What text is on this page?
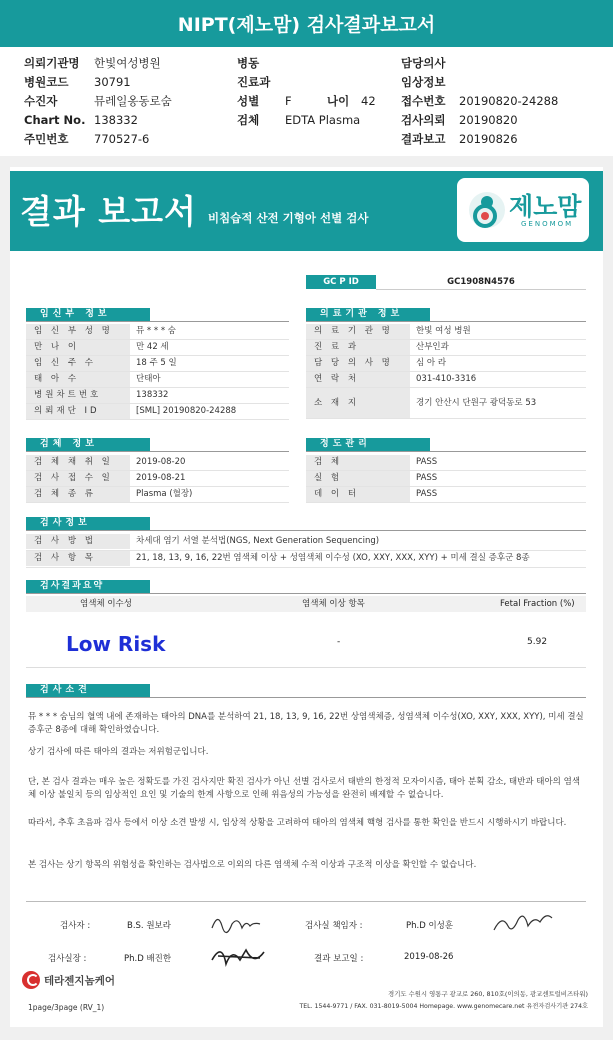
NIPT(제노맘) 검사결과보고서
의뢰기관명 한빛여성병원
병원코드 30791
수진자	뮤레일옹동로숨
Chart No. 138332
주민번호 770527-6
병동
진료과
성별 F	나이 42
검체 EDTA Plasma
담당의사
임상정보
접수번호 20190820-24288
검사의뢰 20190820
결과보고 20190826
결과 보고서 비침습적 산전 기형아 선별 검사	제노맘
GENOMOM
GC P ID	GC1908N4576
임신부 정보
임 신 부 성 명	뮤 * * * 숨
만 나 이	만 42 세
임 신 주 수	18 주 5 일
태 아 수	단태아
병원차트번호	138332
의뢰재단 ID	[SML] 20190820-24288
의료기관 정보
의 료 기 관 명	한빛 여성 병원
진 료 과	산부인과
담 당 의 사 명	심 아 라
연 락 처	031-410-3316
소 재 지	경기 안산시 단원구 광덕동로 53
검체 정보
검 체 채 취 일	2019-08-20
검 사 접 수 일	2019-08-21
검 체 종 류	Plasma (혈장)
정도관리
검 체	PASS
실 험	PASS
데 이 터	PASS
검사정보
검 사 방 법	차세대 염기 서열 분석법(NGS, Next Generation Sequencing)
검 사 항 목	21, 18, 13, 9, 16, 22번 염색체 이상 + 성염색체 이수성 (XO, XXY, XXX, XYY) + 미세 결실 증후군 8종
검사결과요약
염색체 이수성	염색체 이상 항목	Fetal Fraction (%)
Low Risk	-	5.92
검사소견
뮤 * * * 숨님의 혈액 내에 존재하는 태아의 DNA를 분석하여 21, 18, 13, 9, 16, 22번 상염색체증, 성염색체 이수성(XO, XXY, XXX, XYY), 미세 결실 증후군 8종에 대해 확인하였습니다.
상기 검사에 따른 태아의 결과는 저위험군입니다.
단, 본 검사 결과는 매우 높은 정확도를 가진 검사지만 확진 검사가 아닌 선별 검사로서 태반의 한정적 모자이시즘, 태아 분획 감소, 태반과 태아의 염색체 이상 불일치 등의 임상적인 요인 및 기술의 한계 사항으로 인해 위음성의 가능성을 완전히 배제할 수 없습니다.
따라서, 추후 초음파 검사 등에서 이상 소견 발생 시, 임상적 상황을 고려하여 태아의 염색체 핵형 검사를 통한 확인을 반드시 시행하시기 바랍니다.
본 검사는 상기 항목의 위험성을 확인하는 검사법으로 이외의 다른 염색체 수적 이상과 구조적 이상을 확인할 수 없습니다.
검사자 :	B.S. 원보라	검사실 책임자 :	Ph.D 이성훈
검사실장 :	Ph.D 배진한	결과 보고일 :	2019-08-26
테라젠지놈케어
1page/3page (RV_1)
경기도 수원시 영통구 광교로 260, 810호(이의동, 광교센트럴비즈타워)
TEL. 1544-9771 / FAX. 031-8019-5004 Homepage. www.genomecare.net 유전자검사기관 274호
